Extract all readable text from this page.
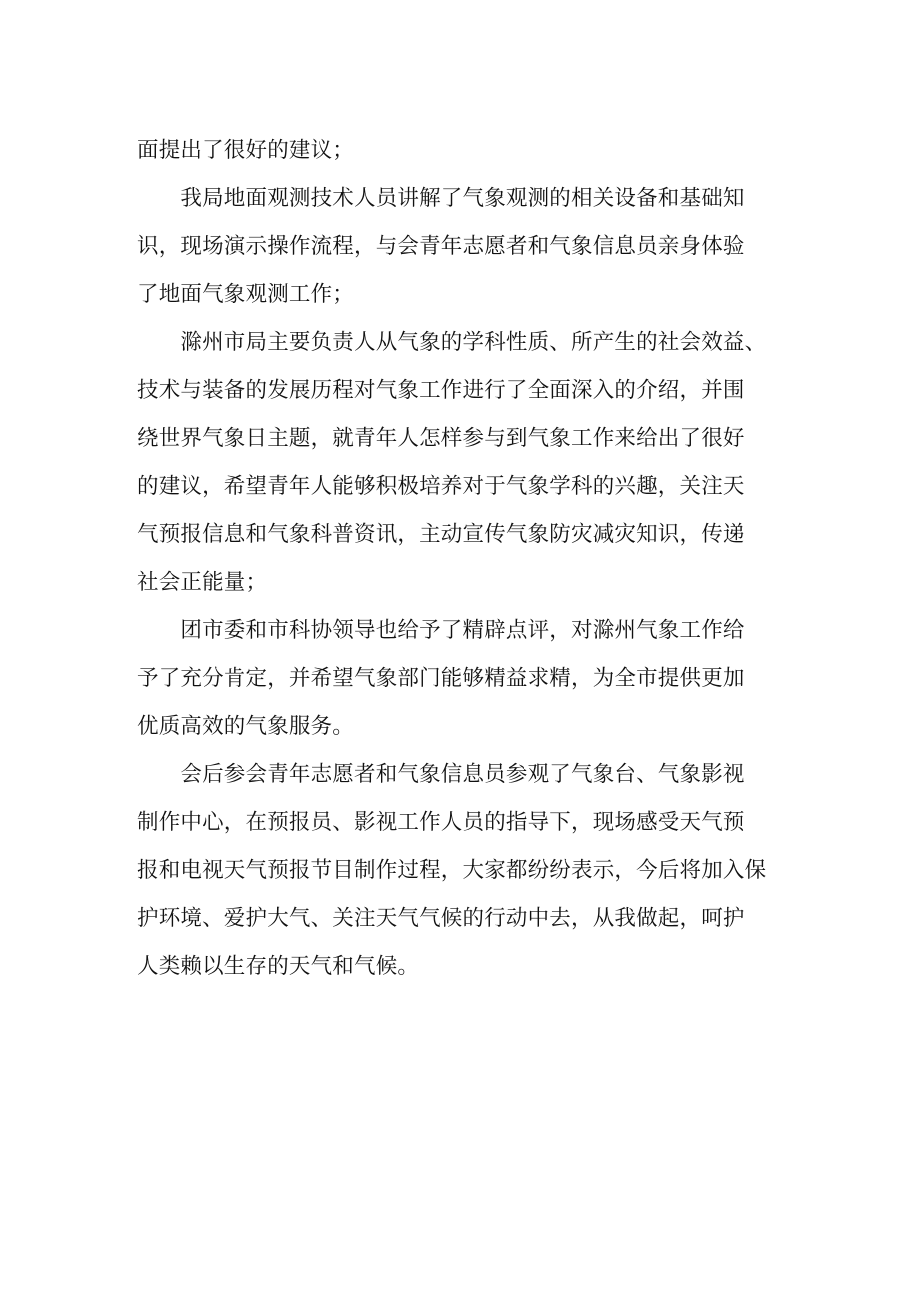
面提出了很好的建议；
　　我局地面观测技术人员讲解了气象观测的相关设备和基础知
识，现场演示操作流程，与会青年志愿者和气象信息员亲身体验
了地面气象观测工作；
　　滁州市局主要负责人从气象的学科性质、所产生的社会效益、
技术与装备的发展历程对气象工作进行了全面深入的介绍，并围
绕世界气象日主题，就青年人怎样参与到气象工作来给出了很好
的建议，希望青年人能够积极培养对于气象学科的兴趣，关注天
气预报信息和气象科普资讯，主动宣传气象防灾减灾知识，传递
社会正能量；
　　团市委和市科协领导也给予了精辟点评，对滁州气象工作给
予了充分肯定，并希望气象部门能够精益求精，为全市提供更加
优质高效的气象服务。
　　会后参会青年志愿者和气象信息员参观了气象台、气象影视
制作中心，在预报员、影视工作人员的指导下，现场感受天气预
报和电视天气预报节目制作过程，大家都纷纷表示，今后将加入保
护环境、爱护大气、关注天气气候的行动中去，从我做起，呵护
人类赖以生存的天气和气候。
